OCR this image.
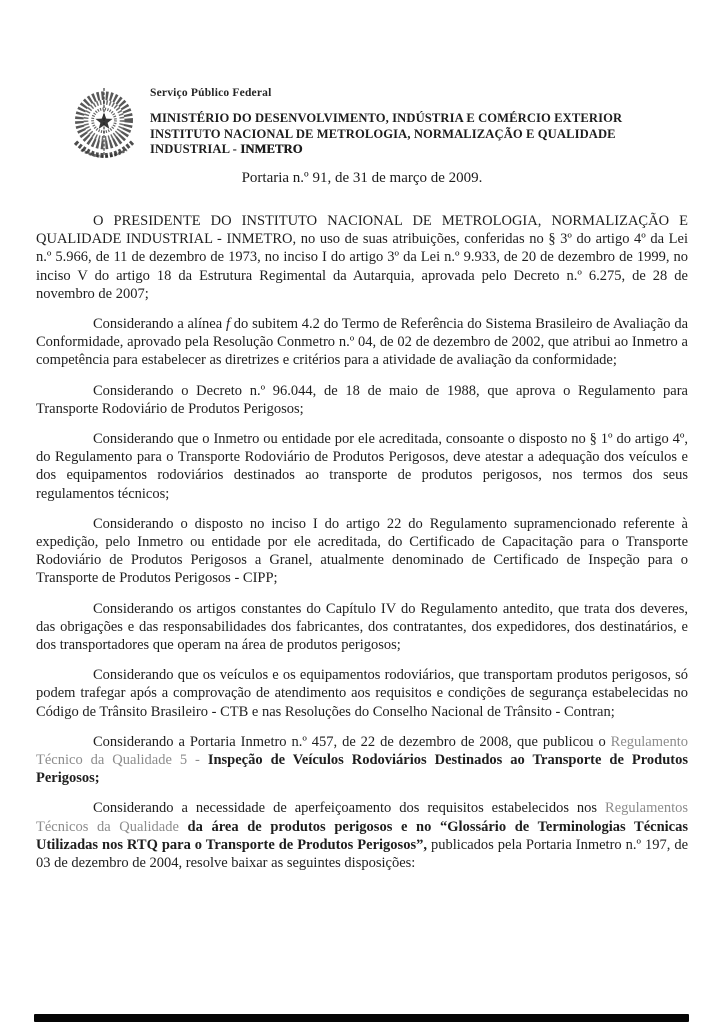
Serviço Público Federal
MINISTÉRIO DO DESENVOLVIMENTO, INDÚSTRIA E COMÉRCIO EXTERIOR
INSTITUTO NACIONAL DE METROLOGIA, NORMALIZAÇÃO E QUALIDADE INDUSTRIAL - INMETRO
Portaria n.º 91, de 31 de março de 2009.

O PRESIDENTE DO INSTITUTO NACIONAL DE METROLOGIA, NORMALIZAÇÃO E QUALIDADE INDUSTRIAL - INMETRO, no uso de suas atribuições, conferidas no § 3º do artigo 4º da Lei n.º 5.966, de 11 de dezembro de 1973, no inciso I do artigo 3º da Lei n.º 9.933, de 20 de dezembro de 1999, no inciso V do artigo 18 da Estrutura Regimental da Autarquia, aprovada pelo Decreto n.º 6.275, de 28 de novembro de 2007;

Considerando a alínea f do subitem 4.2 do Termo de Referência do Sistema Brasileiro de Avaliação da Conformidade, aprovado pela Resolução Conmetro n.º 04, de 02 de dezembro de 2002, que atribui ao Inmetro a competência para estabelecer as diretrizes e critérios para a atividade de avaliação da conformidade;

Considerando o Decreto n.º 96.044, de 18 de maio de 1988, que aprova o Regulamento para Transporte Rodoviário de Produtos Perigosos;

Considerando que o Inmetro ou entidade por ele acreditada, consoante o disposto no § 1º do artigo 4º, do Regulamento para o Transporte Rodoviário de Produtos Perigosos, deve atestar a adequação dos veículos e dos equipamentos rodoviários destinados ao transporte de produtos perigosos, nos termos dos seus regulamentos técnicos;

Considerando o disposto no inciso I do artigo 22 do Regulamento supramencionado referente à expedição, pelo Inmetro ou entidade por ele acreditada, do Certificado de Capacitação para o Transporte Rodoviário de Produtos Perigosos a Granel, atualmente denominado de Certificado de Inspeção para o Transporte de Produtos Perigosos - CIPP;

Considerando os artigos constantes do Capítulo IV do Regulamento antedito, que trata dos deveres, das obrigações e das responsabilidades dos fabricantes, dos contratantes, dos expedidores, dos destinatários, e dos transportadores que operam na área de produtos perigosos;

Considerando que os veículos e os equipamentos rodoviários, que transportam produtos perigosos, só podem trafegar após a comprovação de atendimento aos requisitos e condições de segurança estabelecidas no Código de Trânsito Brasileiro - CTB e nas Resoluções do Conselho Nacional de Trânsito - Contran;

Considerando a Portaria Inmetro n.º 457, de 22 de dezembro de 2008, que publicou o Regulamento Técnico da Qualidade 5 - Inspeção de Veículos Rodoviários Destinados ao Transporte de Produtos Perigosos;

Considerando a necessidade de aperfeiçoamento dos requisitos estabelecidos nos Regulamentos Técnicos da Qualidade da área de produtos perigosos e no “Glossário de Terminologias Técnicas Utilizadas nos RTQ para o Transporte de Produtos Perigosos”, publicados pela Portaria Inmetro n.º 197, de 03 de dezembro de 2004, resolve baixar as seguintes disposições:
